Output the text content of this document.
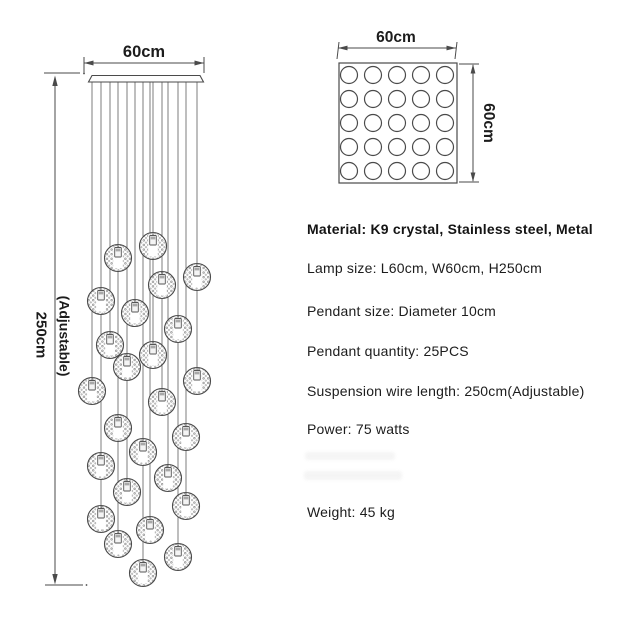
60cm
250cm (Adjustable)
60cm
60cm
Material: K9 crystal, Stainless steel, Metal
Lamp size: L60cm, W60cm, H250cm
Pendant size: Diameter 10cm
Pendant quantity: 25PCS
Suspension wire length: 250cm(Adjustable)
Power: 75 watts
Weight: 45 kg
